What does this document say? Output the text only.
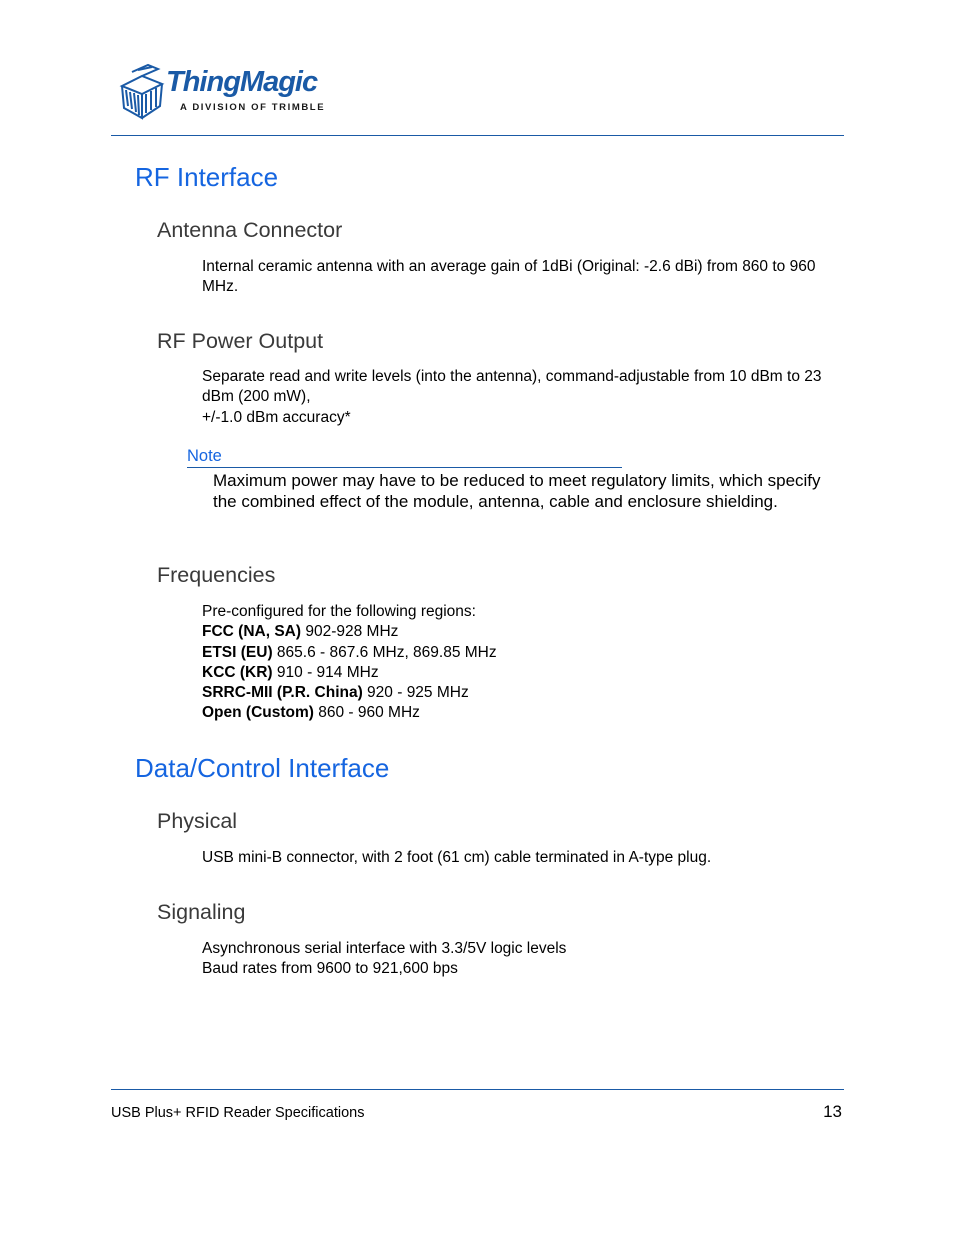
ThingMagic
A DIVISION OF TRIMBLE
RF Interface
Antenna Connector

Internal ceramic antenna with an average gain of 1dBi (Original: -2.6 dBi) from 860 to 960 MHz.

RF Power Output

Separate read and write levels (into the antenna), command-adjustable from 10 dBm to 23 dBm (200 mW),

+/-1.0 dBm accuracy*

Note
Maximum power may have to be reduced to meet regulatory limits, which specify the combined effect of the module, antenna, cable and enclosure shielding.
Frequencies

Pre-configured for the following regions:

FCC (NA, SA) 902-928 MHz

ETSI (EU) 865.6 - 867.6 MHz, 869.85 MHz

KCC (KR) 910 - 914 MHz

SRRC-MII (P.R. China) 920 - 925 MHz

Open (Custom) 860 - 960 MHz

Data/Control Interface
Physical

USB mini-B connector, with 2 foot (61 cm) cable terminated in A-type plug.

Signaling

Asynchronous serial interface with 3.3/5V logic levels

Baud rates from 9600 to 921,600 bps

USB Plus+ RFID Reader Specifications	13
